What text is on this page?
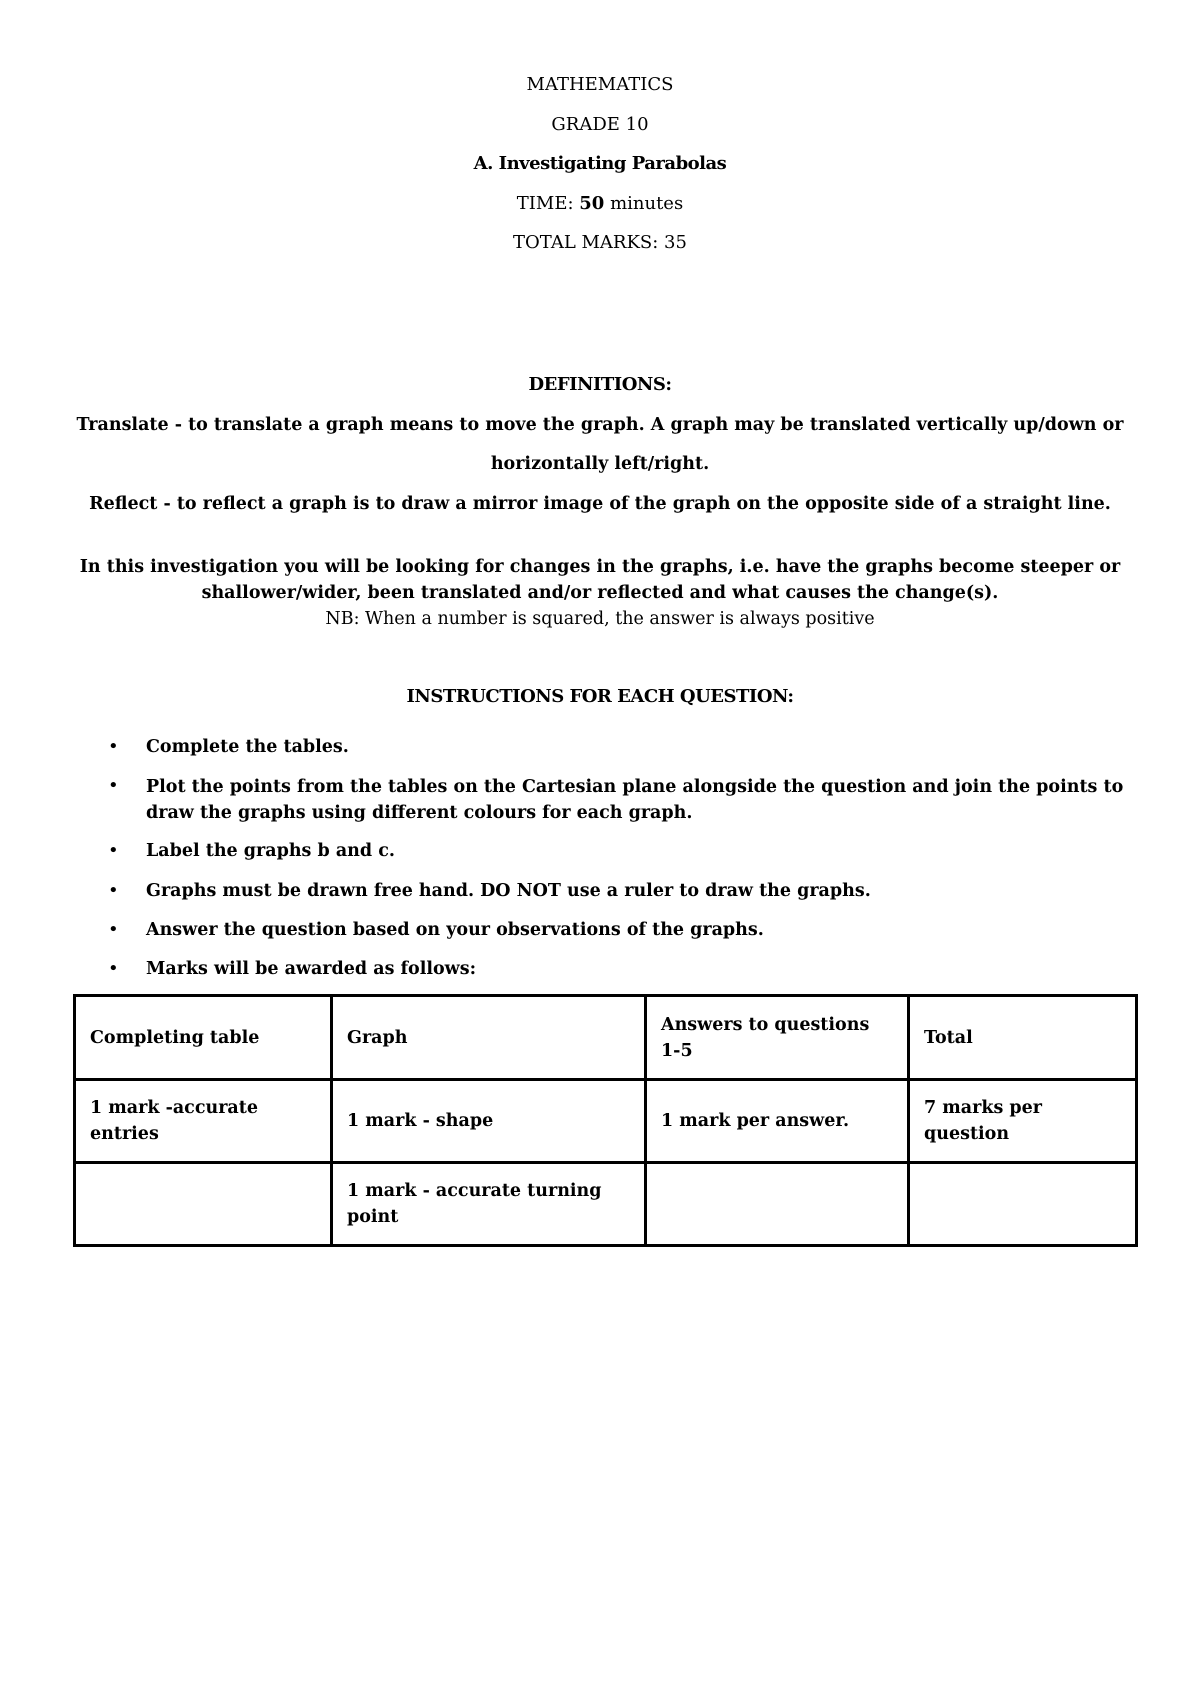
MATHEMATICS
GRADE 10
A. Investigating Parabolas
TIME: 50 minutes
TOTAL MARKS: 35
DEFINITIONS:
Translate - to translate a graph means to move the graph. A graph may be translated vertically up/down or
horizontally left/right.
Reflect - to reflect a graph is to draw a mirror image of the graph on the opposite side of a straight line.
In this investigation you will be looking for changes in the graphs, i.e. have the graphs become steeper or
shallower/wider, been translated and/or reflected and what causes the change(s).
NB: When a number is squared, the answer is always positive
INSTRUCTIONS FOR EACH QUESTION:
• Complete the tables.
• Plot the points from the tables on the Cartesian plane alongside the question and join the points to draw the graphs using different colours for each graph.
• Label the graphs b and c.
• Graphs must be drawn free hand. DO NOT use a ruler to draw the graphs.
• Answer the question based on your observations of the graphs.
• Marks will be awarded as follows:
Completing table	Graph	Answers to questions 1-5	Total
1 mark -accurate entries	1 mark - shape	1 mark per answer.	7 marks per question
	1 mark - accurate turning point		
